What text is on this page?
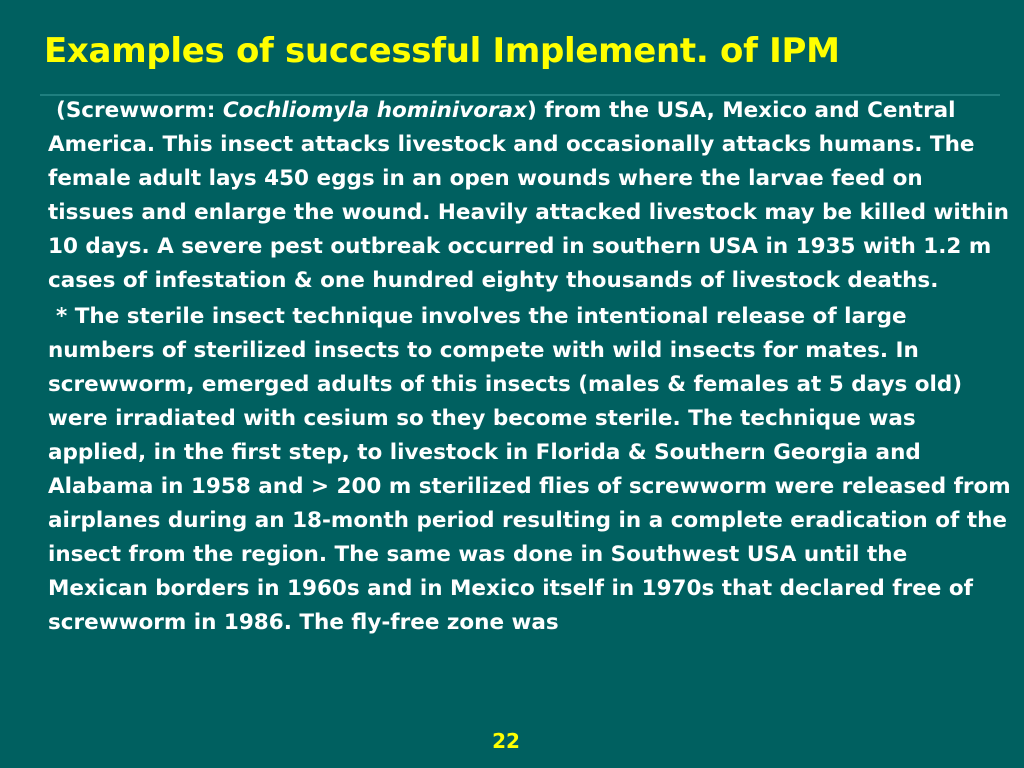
Examples of successful Implement. of IPM

(Screwworm: Cochliomyla hominivorax) from the USA, Mexico and Central America. This insect attacks livestock and occasionally attacks humans. The female adult lays 450 eggs in an open wounds where the larvae feed on tissues and enlarge the wound. Heavily attacked livestock may be killed within 10 days. A severe pest outbreak occurred in southern USA in 1935 with 1.2 m cases of infestation & one hundred eighty thousands of livestock deaths.

* The sterile insect technique involves the intentional release of large numbers of sterilized insects to compete with wild insects for mates. In screwworm, emerged adults of this insects (males & females at 5 days old) were irradiated with cesium so they become sterile. The technique was applied, in the first step, to livestock in Florida & Southern Georgia and Alabama in 1958 and > 200 m sterilized flies of screwworm were released from airplanes during an 18-month period resulting in a complete eradication of the insect from the region. The same was done in Southwest USA until the Mexican borders in 1960s and in Mexico itself in 1970s that declared free of screwworm in 1986. The fly-free zone was

22
